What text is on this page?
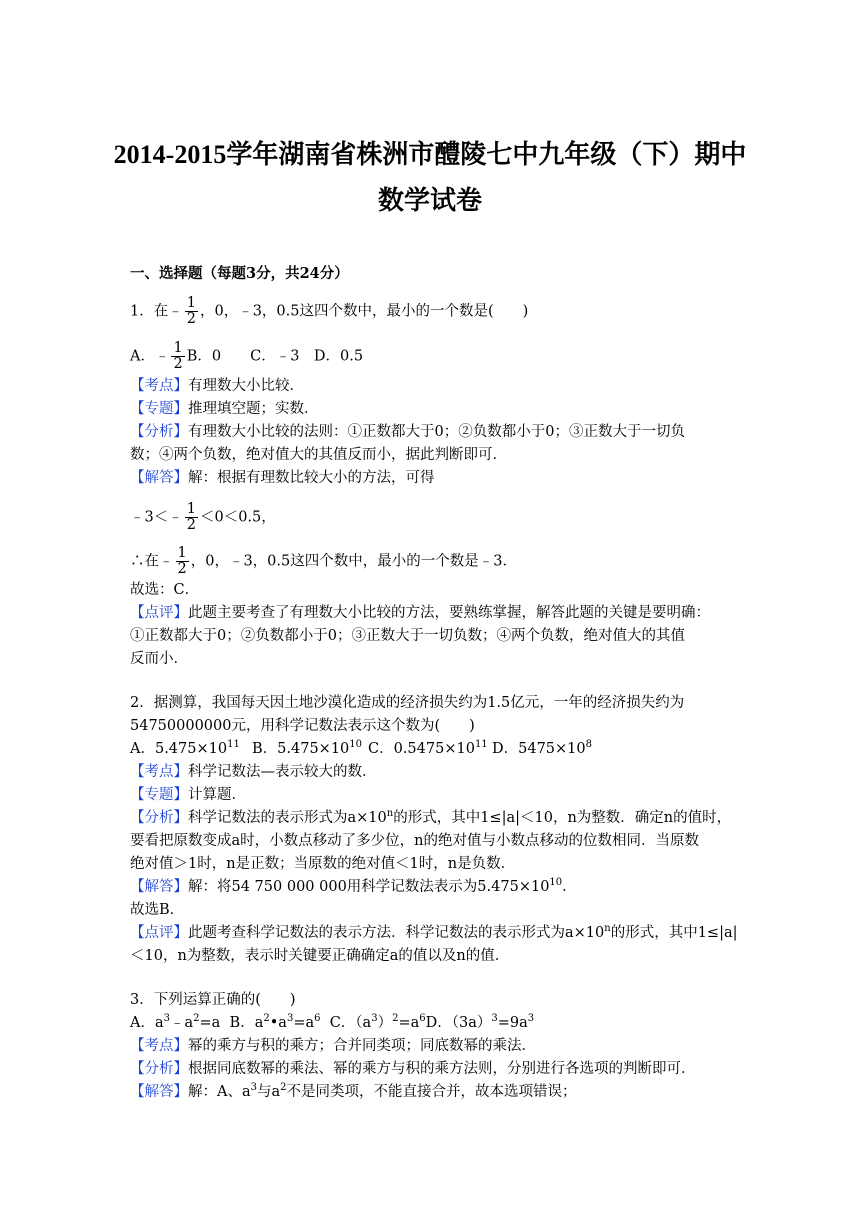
2014-2015学年湖南省株洲市醴陵七中九年级（下）期中
数学试卷
一、选择题（每题3分，共24分）
1．在﹣ $\frac{1}{2}$ ，0，﹣3，0.5这四个数中，最小的一个数是(　　)
A．﹣ $\frac{1}{2}$ B．0　　C．﹣3　D．0.5
【考点】有理数大小比较．
【专题】推理填空题；实数．
【分析】有理数大小比较的法则：①正数都大于0；②负数都小于0；③正数大于一切负
数；④两个负数，绝对值大的其值反而小，据此判断即可．
【解答】解：根据有理数比较大小的方法，可得
﹣3＜﹣ $\frac{1}{2} <0<0.5$，
∴在﹣ $\frac{1}{2}$ ，0，﹣3，0.5这四个数中，最小的一个数是﹣3．
故选：C．
【点评】此题主要考查了有理数大小比较的方法，要熟练掌握，解答此题的关键是要明确：
①正数都大于0；②负数都小于0；③正数大于一切负数；④两个负数，绝对值大的其值
反而小．
2．据测算，我国每天因土地沙漠化造成的经济损失约为1.5亿元，一年的经济损失约为
54750000000元，用科学记数法表示这个数为(　　)
A．$5.475\times 10^{11}$ B．$5.475\times 10^{10}$ C．$0.5475\times 10^{11}$ D．$5475\times 10^8$
【考点】科学记数法—表示较大的数．
【专题】计算题．
【分析】科学记数法的表示形式为$a\times 10^n$的形式，其中1≤|a|＜10，n为整数．确定n的值时，
要看把原数变成a时，小数点移动了多少位，n的绝对值与小数点移动的位数相同．当原数
绝对值＞1时，n是正数；当原数的绝对值＜1时，n是负数．
【解答】解：将54 750 000 000用科学记数法表示为$5.475\times 10^{10}$．
故选B．
【点评】此题考查科学记数法的表示方法．科学记数法的表示形式为$a\times 10^n$的形式，其中1≤|a|
＜10，n为整数，表示时关键要正确确定a的值以及n的值．
3．下列运算正确的(　　)
A．$a^3﹣a^2=a$ B．$a^2•a^3=a^6$ C．$(a^3)^2=a^6D$．$(3a)^3=9a^3$
【考点】幂的乘方与积的乘方；合并同类项；同底数幂的乘法．
【分析】根据同底数幂的乘法、幂的乘方与积的乘方法则，分别进行各选项的判断即可．
【解答】解：A、$a^3$与$a^2$不是同类项，不能直接合并，故本选项错误；
